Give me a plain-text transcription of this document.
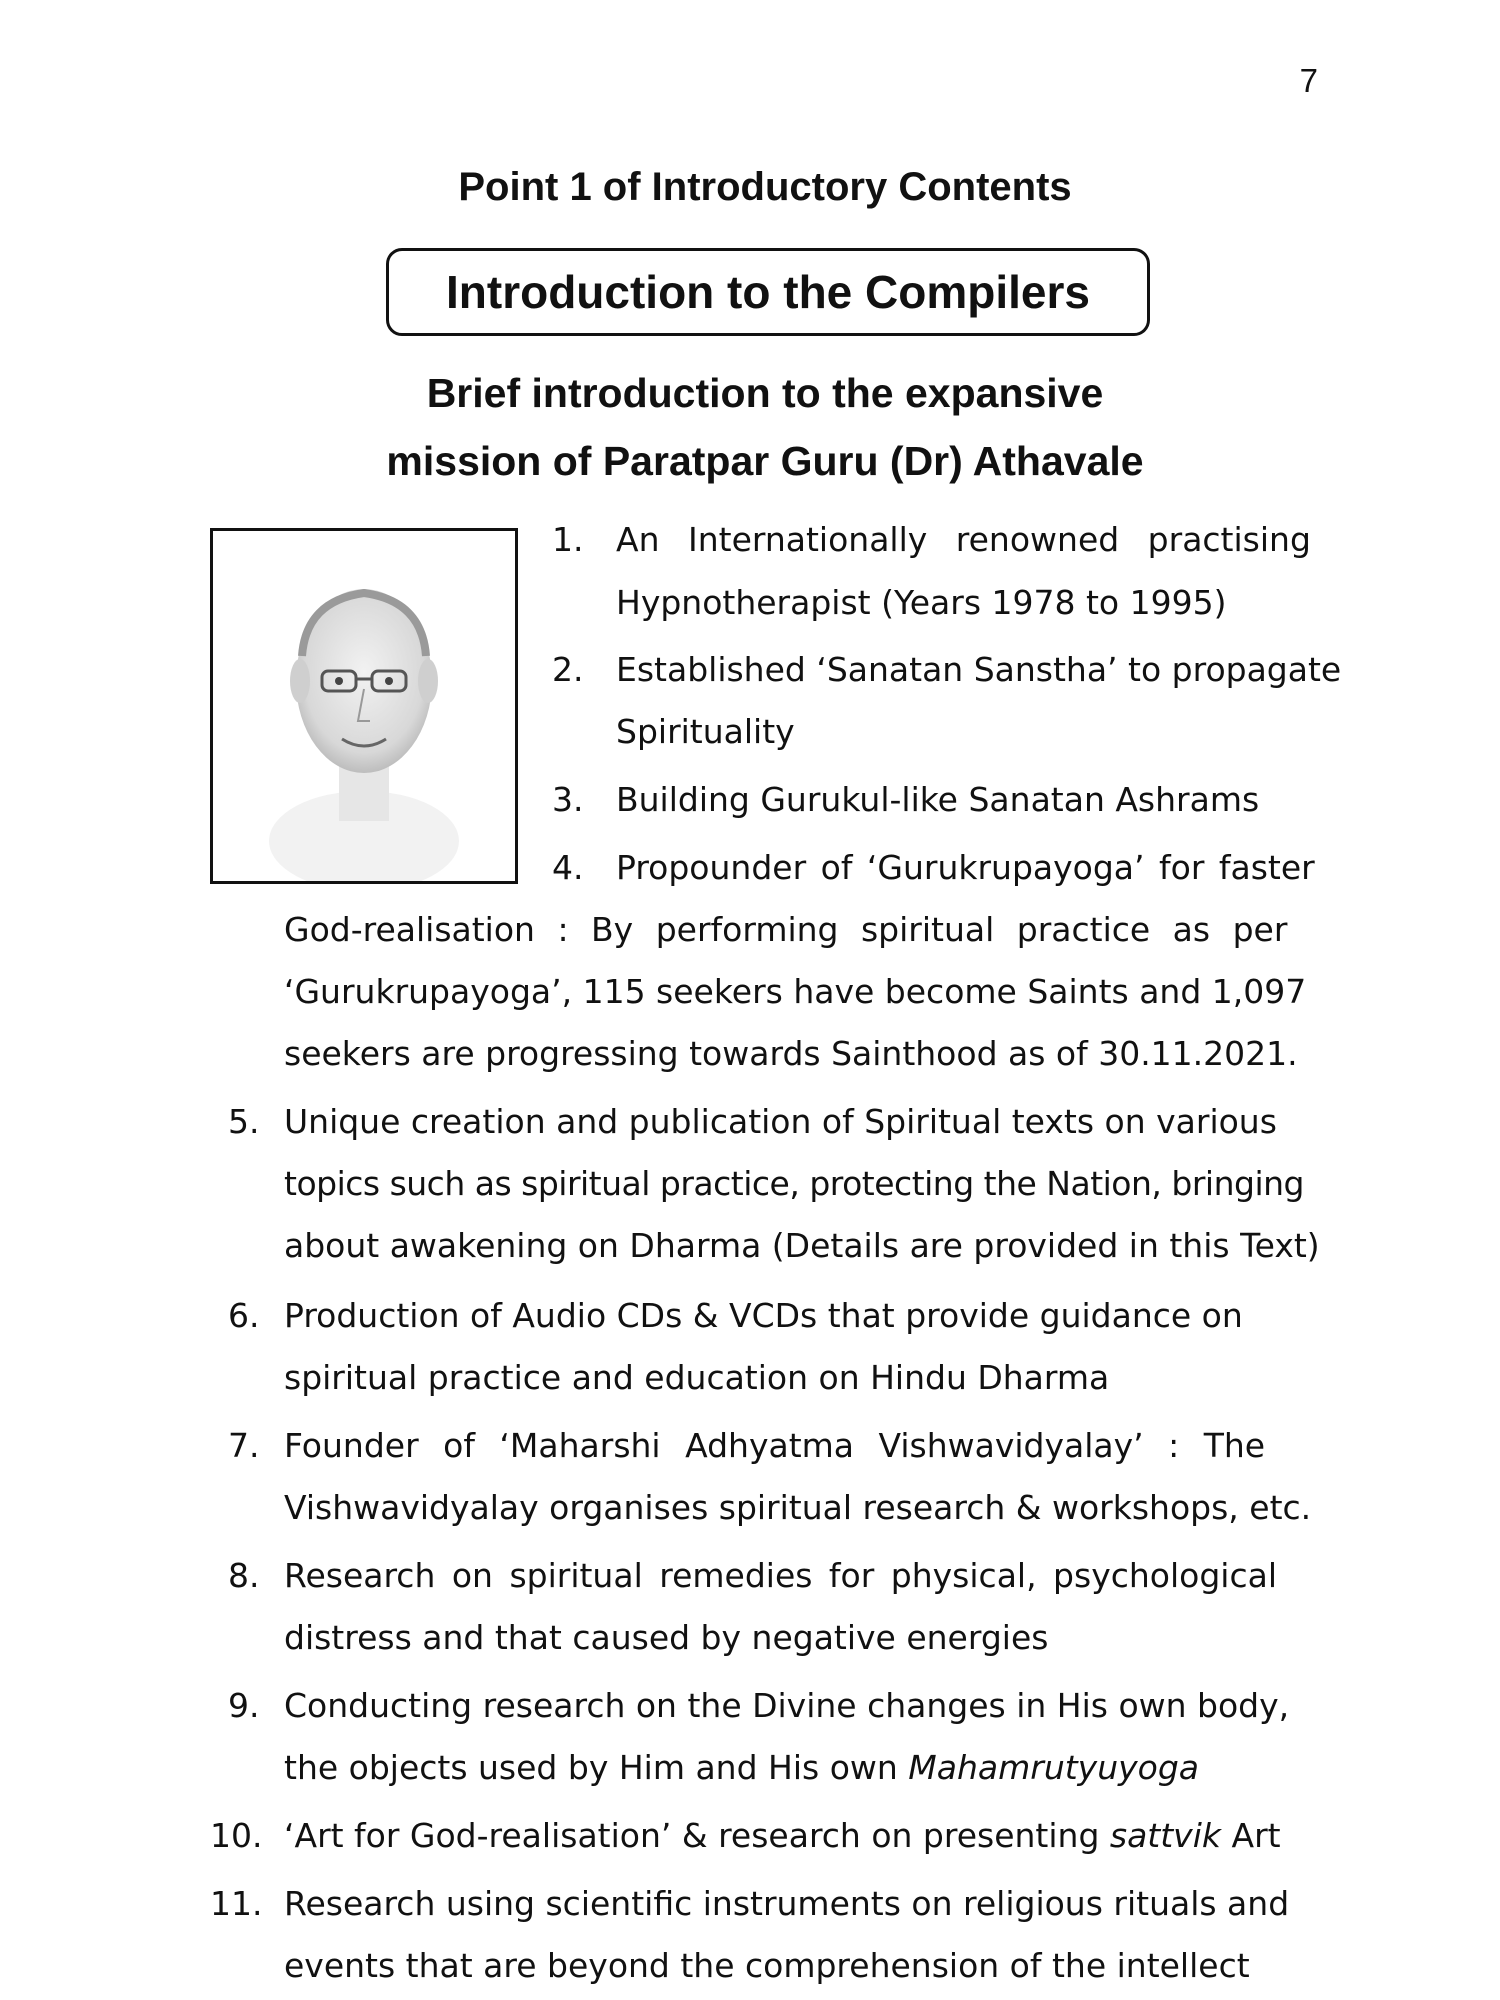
7
Point 1 of Introductory Contents
Introduction to the Compilers
Brief introduction to the expansive
mission of Paratpar Guru (Dr) Athavale
1. An Internationally renowned practising
Hypnotherapist (Years 1978 to 1995)
2. Established ‘Sanatan Sanstha’ to propagate
Spirituality
3. Building Gurukul-like Sanatan Ashrams
4. Propounder of ‘Gurukrupayoga’ for faster
God-realisation : By performing spiritual practice as per
‘Gurukrupayoga’, 115 seekers have become Saints and 1,097
seekers are progressing towards Sainthood as of 30.11.2021.
5. Unique creation and publication of Spiritual texts on various
topics such as spiritual practice, protecting the Nation, bringing
about awakening on Dharma (Details are provided in this Text)
6. Production of Audio CDs & VCDs that provide guidance on
spiritual practice and education on Hindu Dharma
7. Founder of ‘Maharshi Adhyatma Vishwavidyalay’ : The
Vishwavidyalay organises spiritual research & workshops, etc.
8. Research on spiritual remedies for physical, psychological
distress and that caused by negative energies
9. Conducting research on the Divine changes in His own body,
the objects used by Him and His own Mahamrutyuyoga
10. ‘Art for God-realisation’ & research on presenting sattvik Art
11. Research using scientific instruments on religious rituals and
events that are beyond the comprehension of the intellect
